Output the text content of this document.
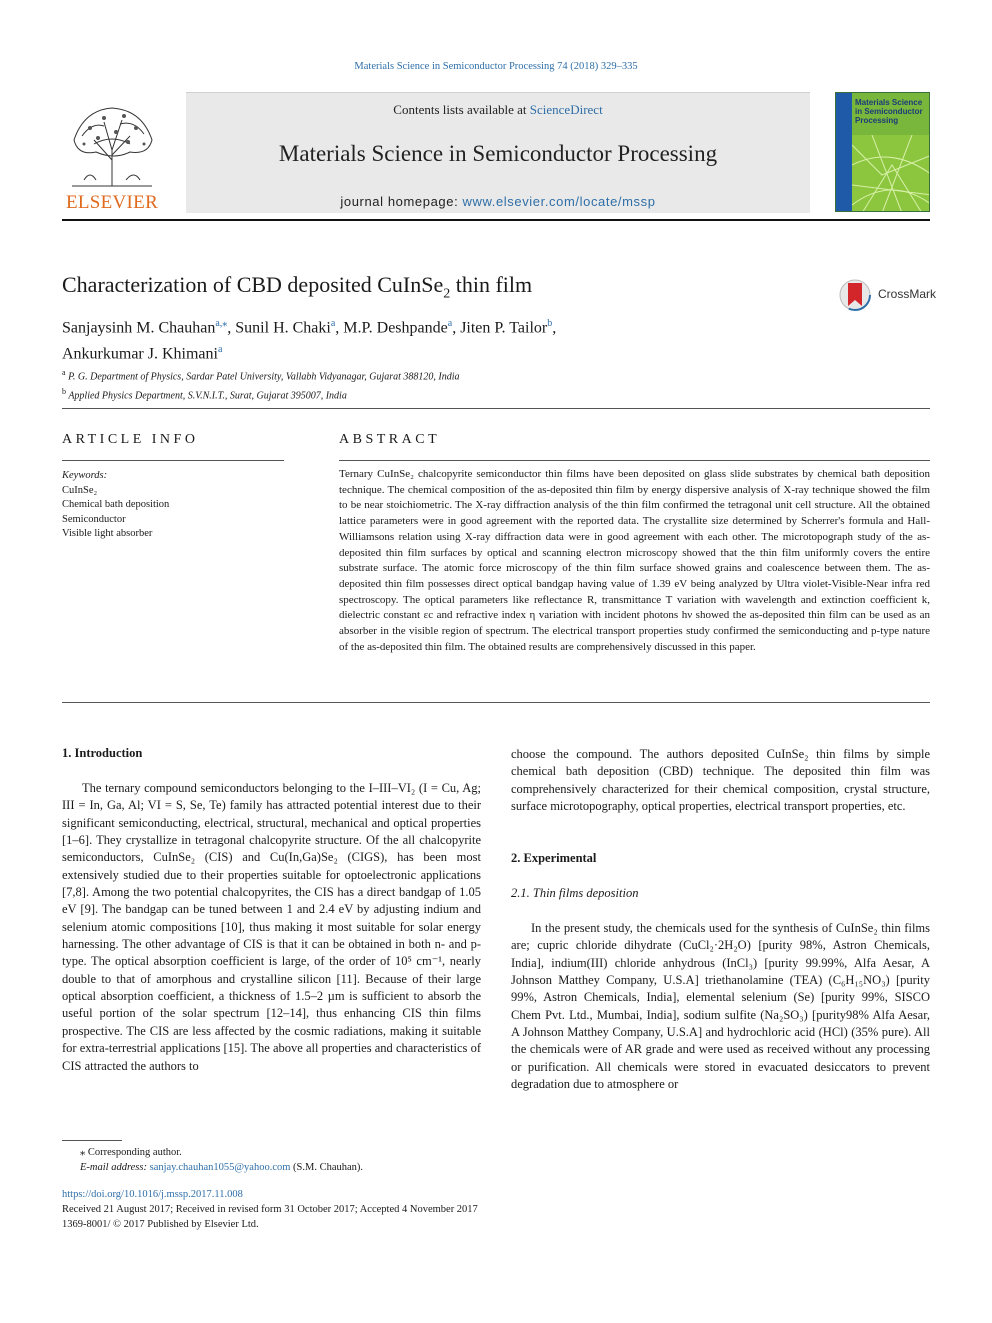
Materials Science in Semiconductor Processing 74 (2018) 329–335
ELSEVIER
Contents lists available at ScienceDirect
Materials Science in Semiconductor Processing
journal homepage: www.elsevier.com/locate/mssp
Materials Science in Semiconductor Processing
Characterization of CBD deposited CuInSe$_2$ thin film	CrossMark
Sanjaysinh M. Chauhan$^{a,⁎}$, Sunil H. Chaki$^a$, M.P. Deshpande$^a$, Jiten P. Tailor$^b$,
Ankurkumar J. Khimani$^a$
$^a$ P. G. Department of Physics, Sardar Patel University, Vallabh Vidyanagar, Gujarat 388120, India
$^b$ Applied Physics Department, S.V.N.I.T., Surat, Gujarat 395007, India
ARTICLE INFO
Keywords:
CuInSe₂
Chemical bath deposition
Semiconductor
Visible light absorber
ABSTRACT
Ternary CuInSe₂ chalcopyrite semiconductor thin films have been deposited on glass slide substrates by chemical bath deposition technique. The chemical composition of the as-deposited thin film by energy dispersive analysis of X-ray technique showed the film to be near stoichiometric. The X-ray diffraction analysis of the thin film confirmed the tetragonal unit cell structure. All the obtained lattice parameters were in good agreement with the reported data. The crystallite size determined by Scherrer's formula and Hall-Williamsons relation using X-ray diffraction data were in good agreement with each other. The microtopograph study of the as-deposited thin film surfaces by optical and scanning electron microscopy showed that the thin film uniformly covers the entire substrate surface. The atomic force microscopy of the thin film surface showed grains and coalescence between them. The as-deposited thin film possesses direct optical bandgap having value of 1.39 eV being analyzed by Ultra violet-Visible-Near infra red spectroscopy. The optical parameters like reflectance R, transmittance T variation with wavelength and extinction coefficient k, dielectric constant εc and refractive index η variation with incident photons hν showed the as-deposited thin film can be used as an absorber in the visible region of spectrum. The electrical transport properties study confirmed the semiconducting and p-type nature of the as-deposited thin film. The obtained results are comprehensively discussed in this paper.
1. Introduction

The ternary compound semiconductors belonging to the I–III–VI₂ (I = Cu, Ag; III = In, Ga, Al; VI = S, Se, Te) family has attracted potential interest due to their significant semiconducting, electrical, structural, mechanical and optical properties [1–6]. They crystallize in tetragonal chalcopyrite structure. Of the all chalcopyrite semiconductors, CuInSe₂ (CIS) and Cu(In,Ga)Se₂ (CIGS), has been most extensively studied due to their properties suitable for optoelectronic applications [7,8]. Among the two potential chalcopyrites, the CIS has a direct bandgap of 1.05 eV [9]. The bandgap can be tuned between 1 and 2.4 eV by adjusting indium and selenium atomic compositions [10], thus making it most suitable for solar energy harnessing. The other advantage of CIS is that it can be obtained in both n- and p-type. The optical absorption coefficient is large, of the order of 10⁵ cm⁻¹, nearly double to that of amorphous and crystalline silicon [11]. Because of their large optical absorption coefficient, a thickness of 1.5–2 µm is sufficient to absorb the useful portion of the solar spectrum [12–14], thus enhancing CIS thin films prospective. The CIS are less affected by the cosmic radiations, making it suitable for extra-terrestrial applications [15]. The above all properties and characteristics of CIS attracted the authors to

choose the compound. The authors deposited CuInSe₂ thin films by simple chemical bath deposition (CBD) technique. The deposited thin film was comprehensively characterized for their chemical composition, crystal structure, surface microtopography, optical properties, electrical transport properties, etc.
2. Experimental
2.1. Thin films deposition

In the present study, the chemicals used for the synthesis of CuInSe₂ thin films are; cupric chloride dihydrate (CuCl₂·2H₂O) [purity 98%, Astron Chemicals, India], indium(III) chloride anhydrous (InCl₃) [purity 99.99%, Alfa Aesar, A Johnson Matthey Company, U.S.A] triethanolamine (TEA) (C₆H₁₅NO₃) [purity 99%, Astron Chemicals, India], elemental selenium (Se) [purity 99%, SISCO Chem Pvt. Ltd., Mumbai, India], sodium sulfite (Na₂SO₃) [purity98% Alfa Aesar, A Johnson Matthey Company, U.S.A] and hydrochloric acid (HCl) (35% pure). All the chemicals were of AR grade and were used as received without any processing or purification. All chemicals were stored in evacuated desiccators to prevent degradation due to atmosphere or

⁎ Corresponding author.
E-mail address: sanjay.chauhan1055@yahoo.com (S.M. Chauhan).
https://doi.org/10.1016/j.mssp.2017.11.008
Received 21 August 2017; Received in revised form 31 October 2017; Accepted 4 November 2017
1369-8001/ © 2017 Published by Elsevier Ltd.
